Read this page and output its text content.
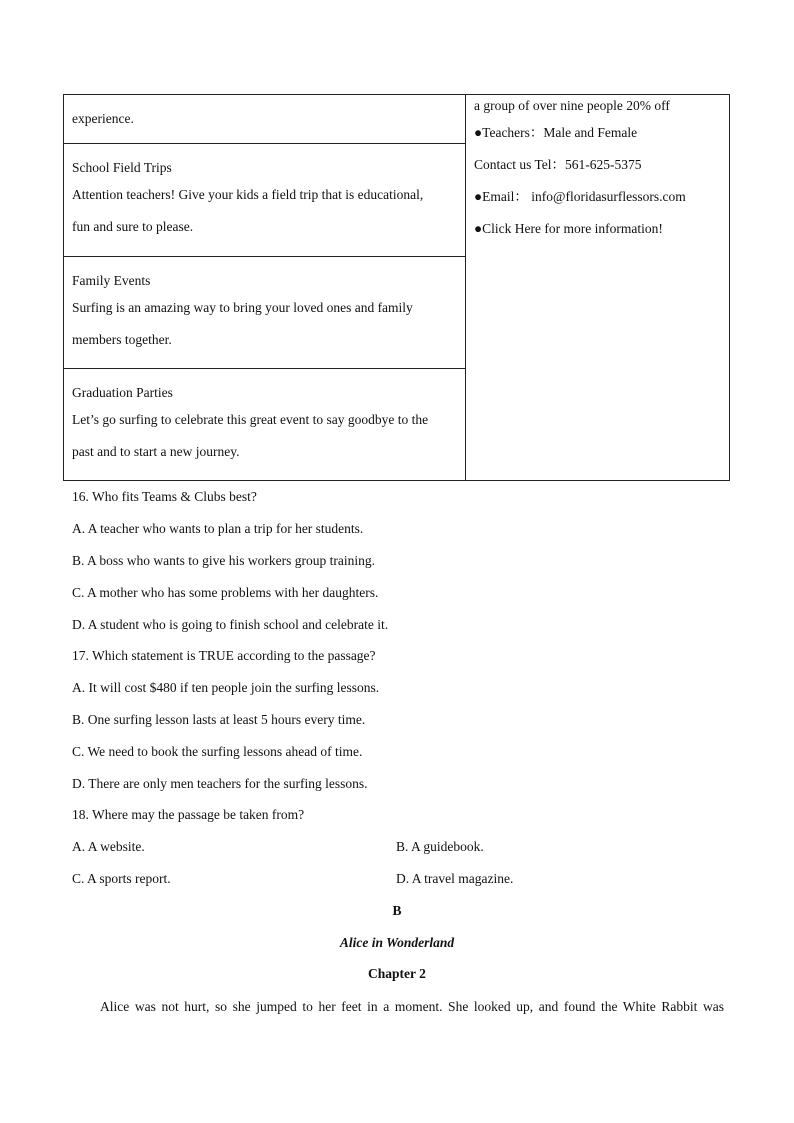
experience.

a group of over nine people 20% off
●Teachers：Male and Female
Contact us Tel：561-625-5375
●Email： info@floridasurflessors.com
●Click Here for more information!

School Field Trips
Attention teachers! Give your kids a field trip that is educational,
fun and sure to please.

Family Events
Surfing is an amazing way to bring your loved ones and family
members together.

Graduation Parties
Let’s go surfing to celebrate this great event to say goodbye to the
past and to start a new journey.
16. Who fits Teams & Clubs best?
A. A teacher who wants to plan a trip for her students.
B. A boss who wants to give his workers group training.
C. A mother who has some problems with her daughters.
D. A student who is going to finish school and celebrate it.
17. Which statement is TRUE according to the passage?
A. It will cost $480 if ten people join the surfing lessons.
B. One surfing lesson lasts at least 5 hours every time.
C. We need to book the surfing lessons ahead of time.
D. There are only men teachers for the surfing lessons.
18. Where may the passage be taken from?
A. A website.	B. A guidebook.
C. A sports report.	D. A travel magazine.
B
Alice in Wonderland
Chapter 2
Alice was not hurt, so she jumped to her feet in a moment. She looked up, and found the White Rabbit was
